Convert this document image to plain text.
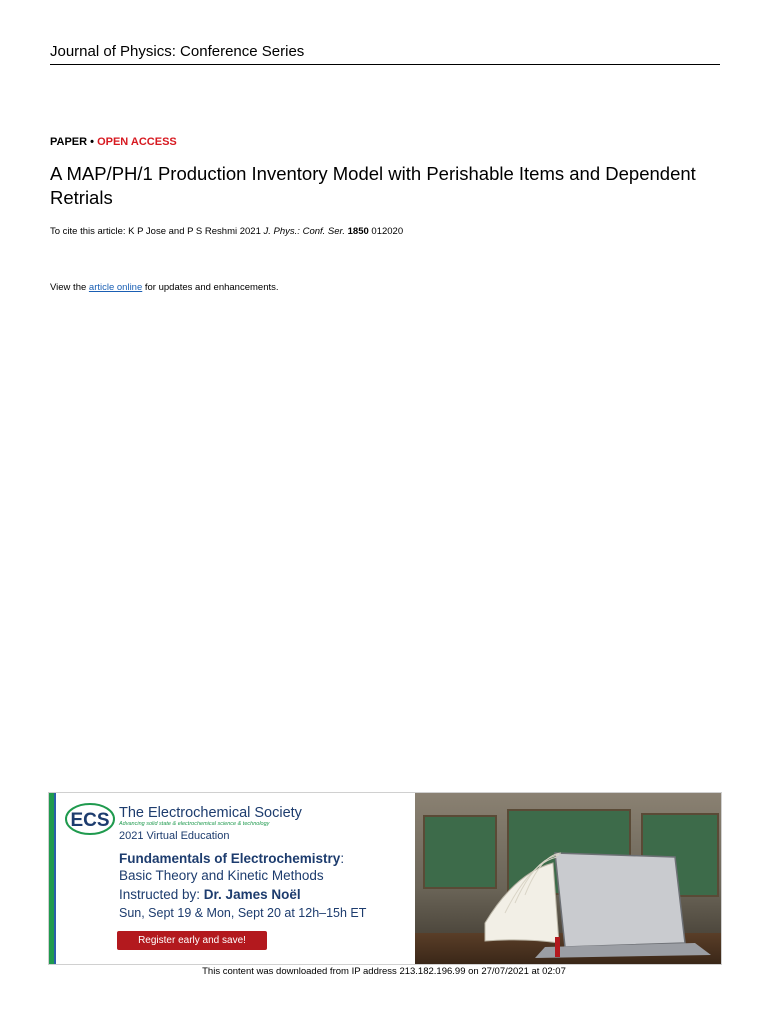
Journal of Physics: Conference Series
PAPER • OPEN ACCESS
A MAP/PH/1 Production Inventory Model with Perishable Items and Dependent Retrials
To cite this article: K P Jose and P S Reshmi 2021 J. Phys.: Conf. Ser. 1850 012020
View the article online for updates and enhancements.
ECS The Electrochemical Society
Advancing solid state & electrochemical science & technology
2021 Virtual Education
Fundamentals of Electrochemistry:
Basic Theory and Kinetic Methods
Instructed by: Dr. James Noël
Sun, Sept 19 & Mon, Sept 20 at 12h–15h ET
Register early and save!
This content was downloaded from IP address 213.182.196.99 on 27/07/2021 at 02:07
